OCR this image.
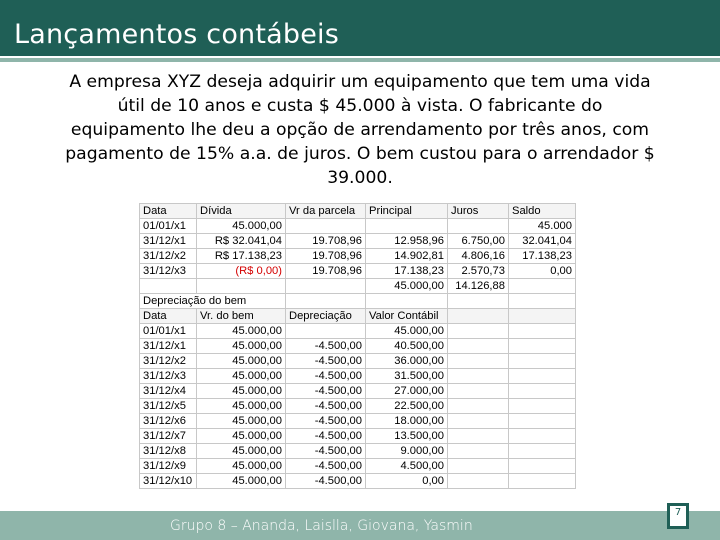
Lançamentos contábeis
A empresa XYZ deseja adquirir um equipamento que tem uma vida útil de 10 anos e custa $ 45.000 à vista. O fabricante do equipamento lhe deu a opção de arrendamento por três anos, com pagamento de 15% a.a. de juros. O bem custou para o arrendador $ 39.000.
Data	Dívida	Vr da parcela	Principal	Juros	Saldo
01/01/x1	45.000,00				45.000
31/12/x1	R$ 32.041,04	19.708,96	12.958,96	6.750,00	32.041,04
31/12/x2	R$ 17.138,23	19.708,96	14.902,81	4.806,16	17.138,23
31/12/x3	(R$ 0,00)	19.708,96	17.138,23	2.570,73	0,00
			45.000,00	14.126,88	
Depreciação do bem					
Data	Vr. do bem	Depreciação	Valor Contábil		
01/01/x1	45.000,00		45.000,00		
31/12/x1	45.000,00	-4.500,00	40.500,00		
31/12/x2	45.000,00	-4.500,00	36.000,00		
31/12/x3	45.000,00	-4.500,00	31.500,00		
31/12/x4	45.000,00	-4.500,00	27.000,00		
31/12/x5	45.000,00	-4.500,00	22.500,00		
31/12/x6	45.000,00	-4.500,00	18.000,00		
31/12/x7	45.000,00	-4.500,00	13.500,00		
31/12/x8	45.000,00	-4.500,00	9.000,00		
31/12/x9	45.000,00	-4.500,00	4.500,00		
31/12/x10	45.000,00	-4.500,00	0,00		
Grupo 8 – Ananda, Laislla, Giovana, Yasmin
7
